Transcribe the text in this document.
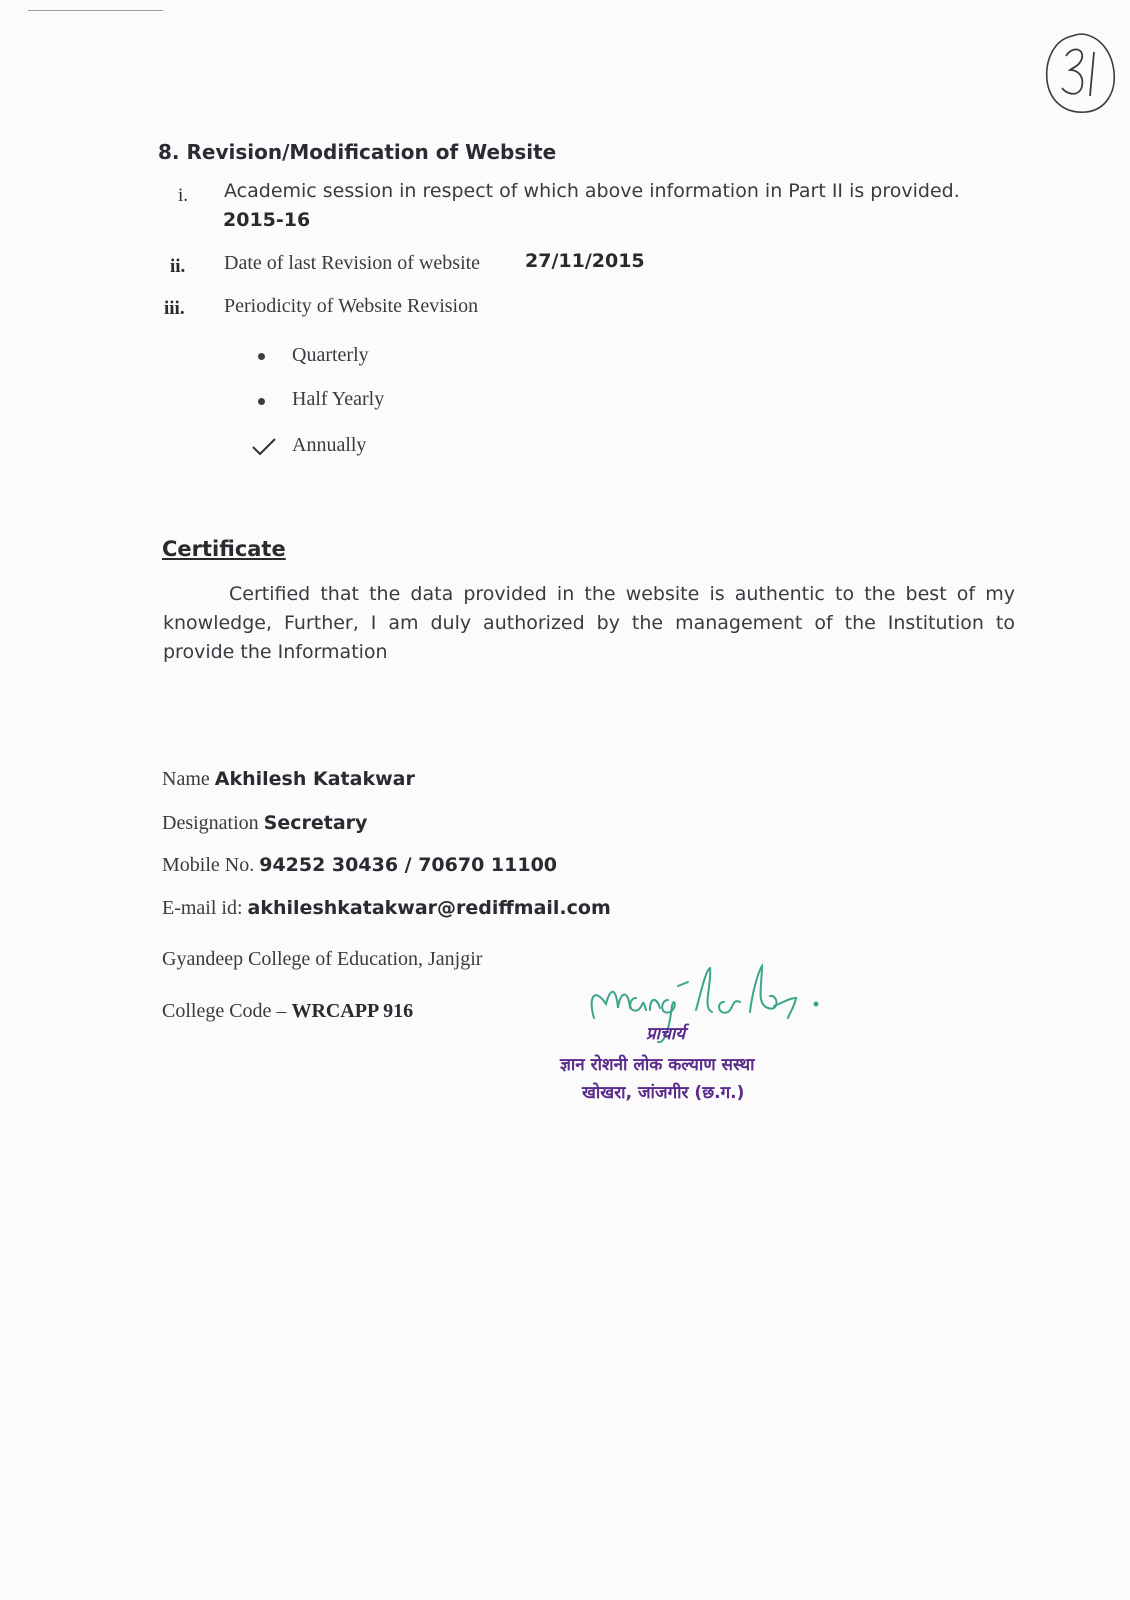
8. Revision/Modification of Website
i. Academic session in respect of which above information in Part II is provided.
2015-16
ii. Date of last Revision of website 27/11/2015
iii. Periodicity of Website Revision
Quarterly
Half Yearly
Annually
Certificate
Certified that the data provided in the website is authentic to the best of my knowledge, Further, I am duly authorized by the management of the Institution to provide the Information
Name Akhilesh Katakwar
Designation Secretary
Mobile No. 94252 30436 / 70670 11100
E-mail id: akhileshkatakwar@rediffmail.com
Gyandeep College of Education, Janjgir
College Code – WRCAPP 916
प्राचार्य
ज्ञान रोशनी लोक कल्याण सस्था
खोखरा, जांजगीर (छ.ग.)
